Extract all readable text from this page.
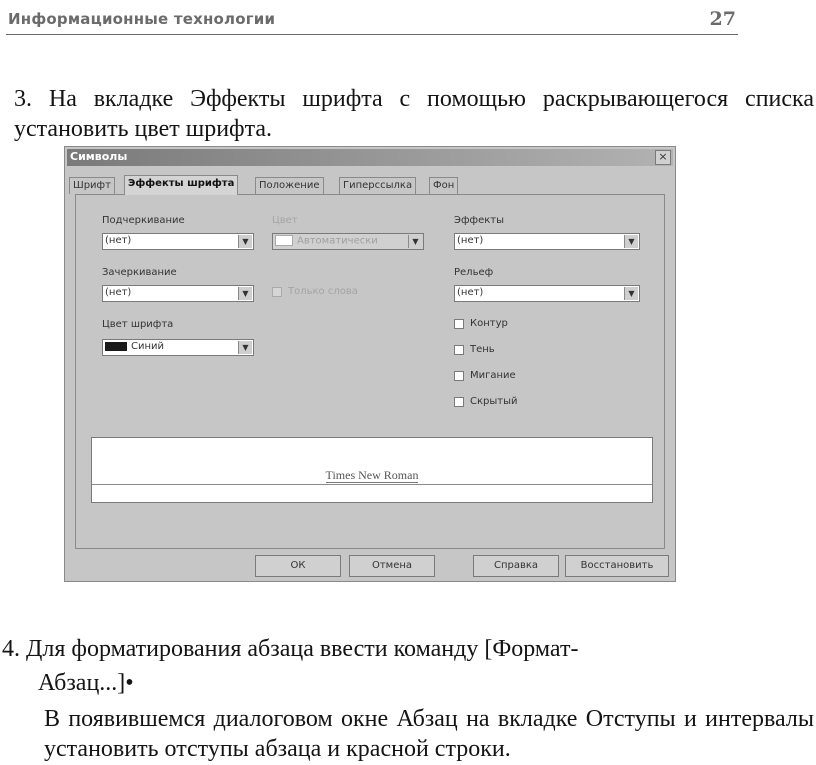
Информационные технологии	27
3. На вкладке Эффекты шрифта с помощью раскрывающегося списка установить цвет шрифта.
Символы	×
Шрифт	Эффекты шрифта	Положение	Гиперссылка	Фон
Подчеркивание
(нет)	▼
Цвет
Автоматически	▼
Эффекты
(нет)	▼
Зачеркивание
(нет)	▼	Только слова
Рельеф
(нет)	▼
Цвет шрифта
Синий	▼
Контур
Тень
Мигание
Скрытый
Times New Roman
ОК	Отмена	Справка	Восстановить
4. Для форматирования абзаца ввести команду [Формат-
Абзац...]•
В появившемся диалоговом окне Абзац на вкладке Отступы и интервалы установить отступы абзаца и красной строки.
